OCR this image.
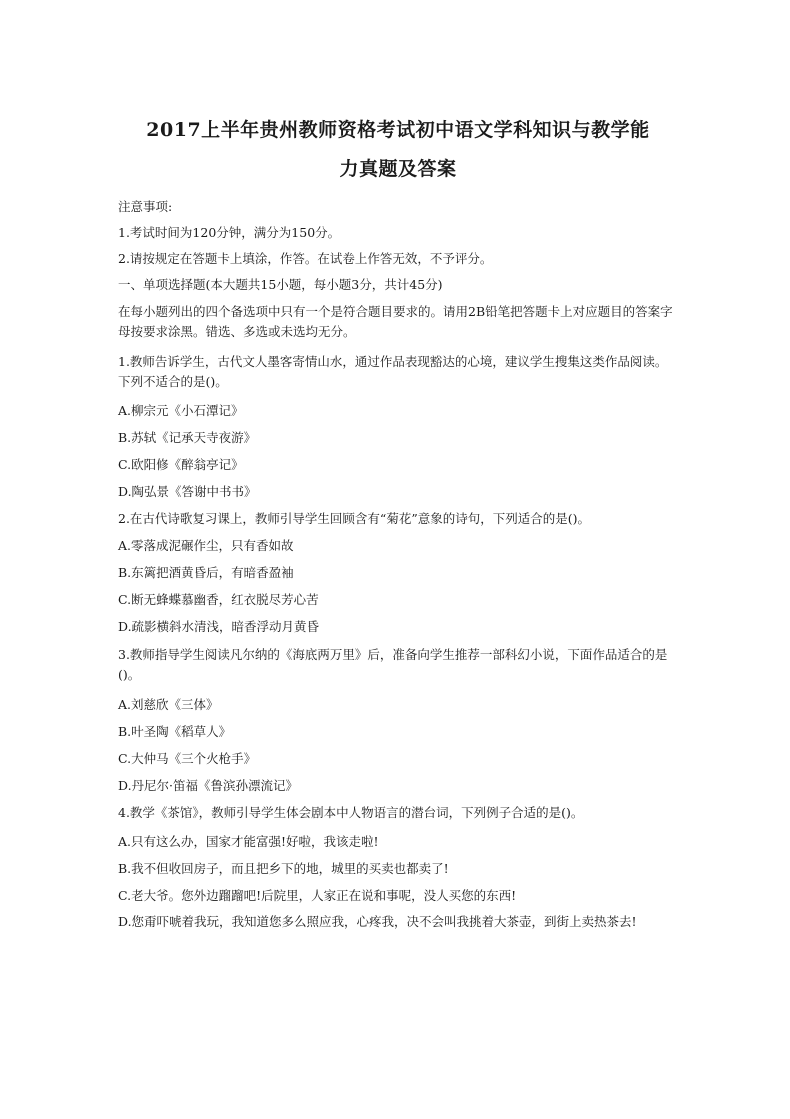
2017上半年贵州教师资格考试初中语文学科知识与教学能
力真题及答案
注意事项:
1.考试时间为120分钟，满分为150分。
2.请按规定在答题卡上填涂，作答。在试卷上作答无效，不予评分。
一、单项选择题(本大题共15小题，每小题3分，共计45分)
在每小题列出的四个备选项中只有一个是符合题目要求的。请用2B铅笔把答题卡上对应题目的答案字母按要求涂黑。错选、多选或未选均无分。
1.教师告诉学生，古代文人墨客寄情山水，通过作品表现豁达的心境，建议学生搜集这类作品阅读。下列不适合的是()。
A.柳宗元《小石潭记》
B.苏轼《记承天寺夜游》
C.欧阳修《醉翁亭记》
D.陶弘景《答谢中书书》
2.在古代诗歌复习课上，教师引导学生回顾含有“菊花”意象的诗句，下列适合的是()。
A.零落成泥碾作尘，只有香如故
B.东篱把酒黄昏后，有暗香盈袖
C.断无蜂蝶慕幽香，红衣脱尽芳心苦
D.疏影横斜水清浅，暗香浮动月黄昏
3.教师指导学生阅读凡尔纳的《海底两万里》后，准备向学生推荐一部科幻小说，下面作品适合的是()。
A.刘慈欣《三体》
B.叶圣陶《稻草人》
C.大仲马《三个火枪手》
D.丹尼尔·笛福《鲁滨孙漂流记》
4.教学《茶馆》，教师引导学生体会剧本中人物语言的潜台词，下列例子合适的是()。
A.只有这么办，国家才能富强!好啦，我该走啦!
B.我不但收回房子，而且把乡下的地，城里的买卖也都卖了!
C.老大爷。您外边蹓蹓吧!后院里，人家正在说和事呢，没人买您的东西!
D.您甭吓唬着我玩，我知道您多么照应我，心疼我，决不会叫我挑着大茶壶，到街上卖热茶去!
